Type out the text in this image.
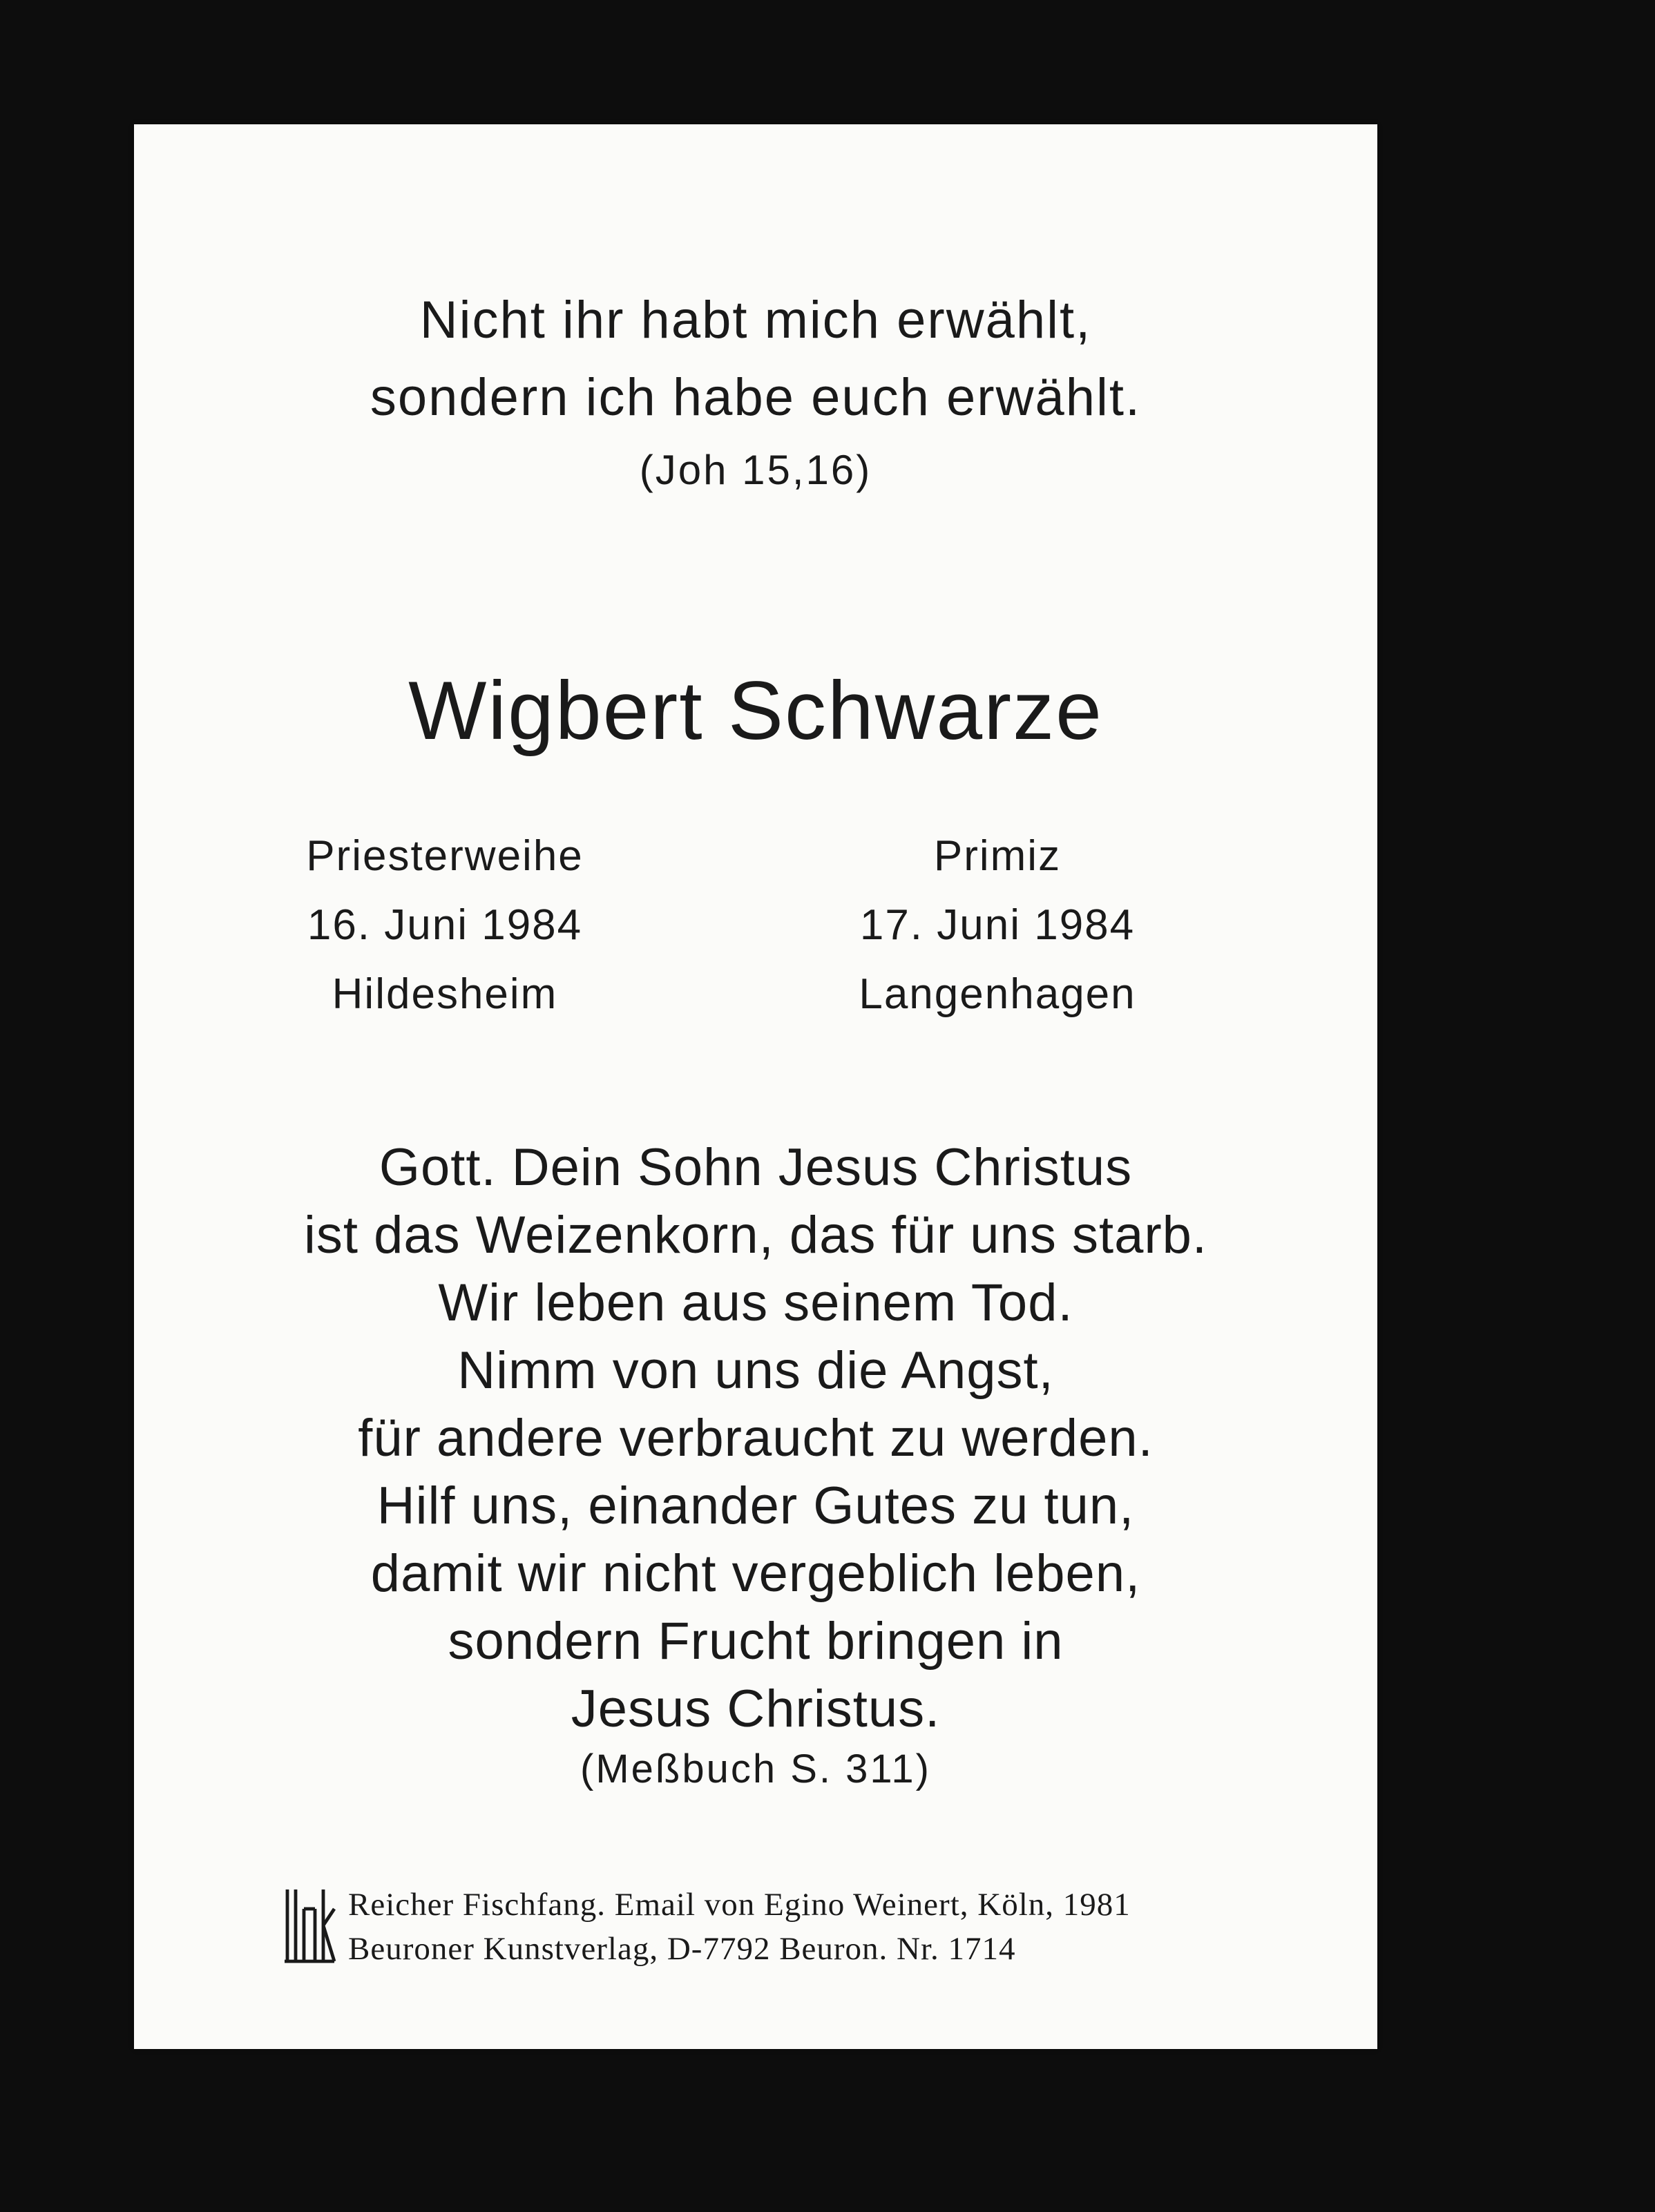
Nicht ihr habt mich erwählt,
sondern ich habe euch erwählt.
(Joh 15,16)
Wigbert Schwarze
Priesterweihe
16. Juni 1984
Hildesheim
Primiz
17. Juni 1984
Langenhagen
Gott. Dein Sohn Jesus Christus
ist das Weizenkorn, das für uns starb.
Wir leben aus seinem Tod.
Nimm von uns die Angst,
für andere verbraucht zu werden.
Hilf uns, einander Gutes zu tun,
damit wir nicht vergeblich leben,
sondern Frucht bringen in
Jesus Christus.
(Meßbuch S. 311)
Reicher Fischfang. Email von Egino Weinert, Köln, 1981
Beuroner Kunstverlag, D-7792 Beuron. Nr. 1714
